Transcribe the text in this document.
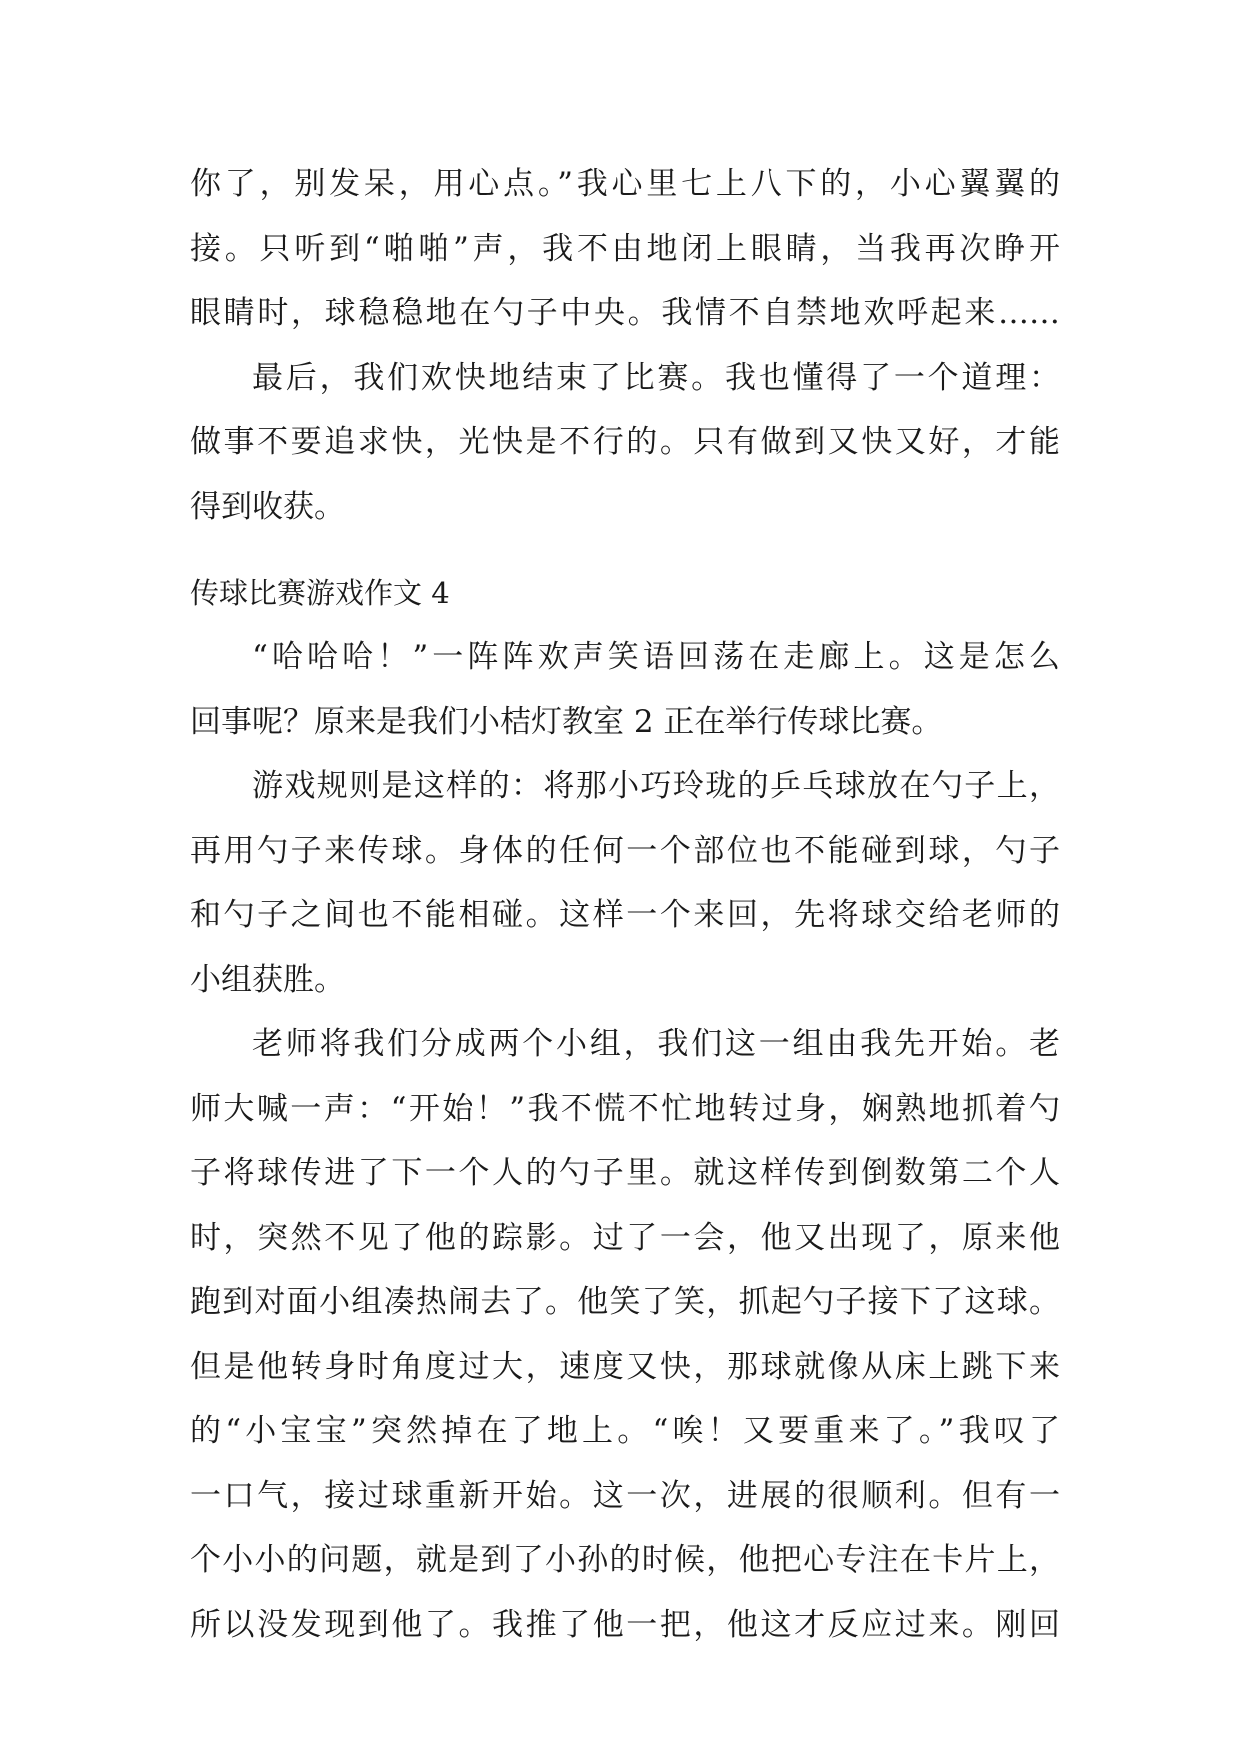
你了，别发呆，用心点。”我心里七上八下的，小心翼翼的
接。只听到“啪啪”声，我不由地闭上眼睛，当我再次睁开
眼睛时，球稳稳地在勺子中央。我情不自禁地欢呼起来……
最后，我们欢快地结束了比赛。我也懂得了一个道理：
做事不要追求快，光快是不行的。只有做到又快又好，才能
得到收获。
传球比赛游戏作文 4
“哈哈哈！”一阵阵欢声笑语回荡在走廊上。这是怎么
回事呢？原来是我们小桔灯教室 2 正在举行传球比赛。
游戏规则是这样的：将那小巧玲珑的乒乓球放在勺子上，
再用勺子来传球。身体的任何一个部位也不能碰到球，勺子
和勺子之间也不能相碰。这样一个来回，先将球交给老师的
小组获胜。
老师将我们分成两个小组，我们这一组由我先开始。老
师大喊一声：“开始！”我不慌不忙地转过身，娴熟地抓着勺
子将球传进了下一个人的勺子里。就这样传到倒数第二个人
时，突然不见了他的踪影。过了一会，他又出现了，原来他
跑到对面小组凑热闹去了。他笑了笑，抓起勺子接下了这球。
但是他转身时角度过大，速度又快，那球就像从床上跳下来
的“小宝宝”突然掉在了地上。“唉！又要重来了。”我叹了
一口气，接过球重新开始。这一次，进展的很顺利。但有一
个小小的问题，就是到了小孙的时候，他把心专注在卡片上，
所以没发现到他了。我推了他一把，他这才反应过来。刚回
